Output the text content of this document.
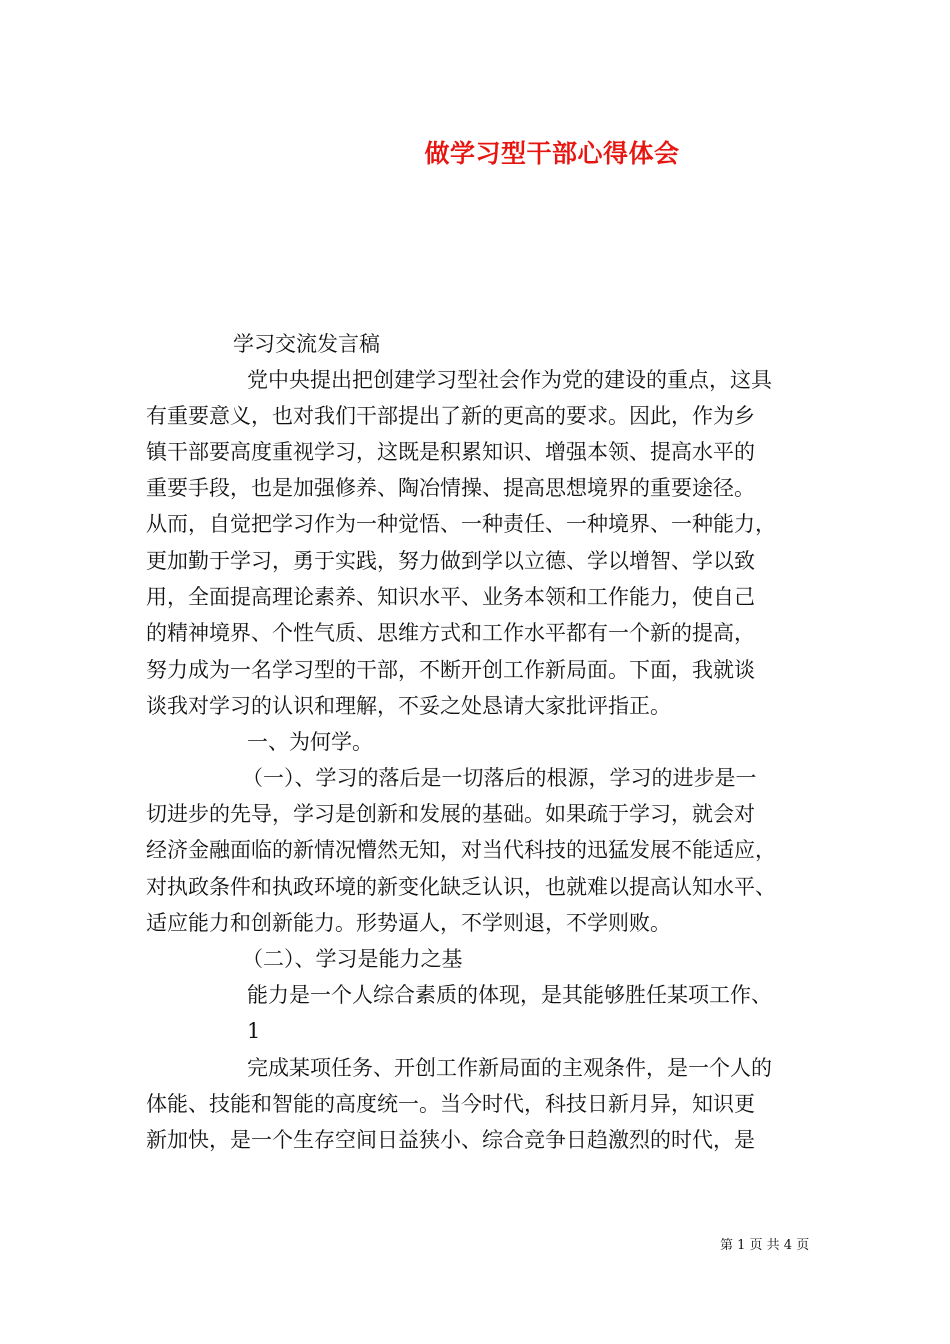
做学习型干部心得体会
学习交流发言稿
党中央提出把创建学习型社会作为党的建设的重点，这具
有重要意义，也对我们干部提出了新的更高的要求。因此，作为乡
镇干部要高度重视学习，这既是积累知识、增强本领、提高水平的
重要手段，也是加强修养、陶冶情操、提高思想境界的重要途径。
从而，自觉把学习作为一种觉悟、一种责任、一种境界、一种能力，
更加勤于学习，勇于实践，努力做到学以立德、学以增智、学以致
用，全面提高理论素养、知识水平、业务本领和工作能力，使自己
的精神境界、个性气质、思维方式和工作水平都有一个新的提高，
努力成为一名学习型的干部，不断开创工作新局面。下面，我就谈
谈我对学习的认识和理解，不妥之处恳请大家批评指正。
一、为何学。
（一）、学习的落后是一切落后的根源，学习的进步是一
切进步的先导，学习是创新和发展的基础。如果疏于学习，就会对
经济金融面临的新情况懵然无知，对当代科技的迅猛发展不能适应，
对执政条件和执政环境的新变化缺乏认识，也就难以提高认知水平、
适应能力和创新能力。形势逼人，不学则退，不学则败。
（二）、学习是能力之基
能力是一个人综合素质的体现，是其能够胜任某项工作、
1
完成某项任务、开创工作新局面的主观条件，是一个人的
体能、技能和智能的高度统一。当今时代，科技日新月异，知识更
新加快，是一个生存空间日益狭小、综合竞争日趋激烈的时代，是
第 1 页 共 4 页
